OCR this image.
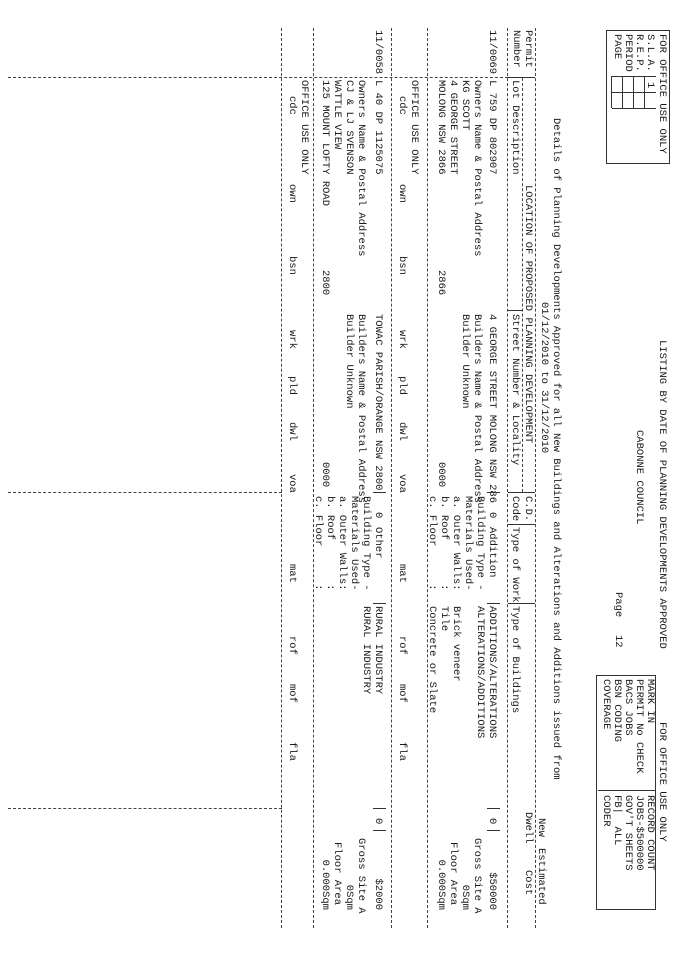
FOR OFFICE USE ONLY
S.L.A.
R.E.P.
PERIOD
PAGE
1
LISTING BY DATE OF PLANNING DEVELOPMENTS APPROVED
CABONNE COUNCIL
Page
12
FOR OFFICE USE ONLY
MARK IN
RECORD COUNT
PERMIT No CHECK
JOBS-$500000
BACS JOBS
GOV'T SHEETS
BSN CODING
FB|  ALL
COVERAGE
CODER
Details of Planning Developments Approved for all New Buildings and Alterations and Additions issued from
01/12/2010 to 31/12/2010
Permit
Number
LOCATION OF PROPOSED PLANNING DEVELOPMENT
Lot Description
Street Number & Locality
C.D.
Code
Type of Work
Type of Buildings
New
Estimated
Dwell
Cost
11/0069
L 759 DP 802907
4 GEORGE STREET MOLONG NSW 286
0
Addition
ADDITIONS/ALTERATIONS
ALTERATIONS/ADDITIONS
0
$50000
Owners Name & Postal Address
KG SCOTT
4 GEORGE STREET
MOLONG NSW 2866
2866
Builders Name & Postal Address
Builder Unknown
0000
Building Type -
Materials Used-
a. Outer Walls:
b. Roof       :
c. Floor      :
Brick veneer
Tile
Concrete or Slate
Gross Site A
0Sqm
Floor Area
0.000Sqm
OFFICE USE ONLY
cdc
own
bsn
wrk
pld
dwl
voa
mat
rof
mof
fla
11/0058
L 40 DP 1125075
TOWAC PARISH/ORANGE NSW 2800
0
Other
RURAL INDUSTRY
RURAL INDUSTRY
0
$2000
Owners Name & Postal Address
CJ & LJ SVENSON
WATTLE VIEW
125 MOUNT LOFTY ROAD
2800
Builders Name & Postal Address
Builder Unknown
0000
Building Type -
Materials Used-
a. Outer Walls:
b. Roof       :
c. Floor      :
Gross Site A
0Sqm
Floor Area
0.000Sqm
OFFICE USE ONLY
cdc
own
bsn
wrk
pld
dwl
voa
mat
rof
mof
fla
